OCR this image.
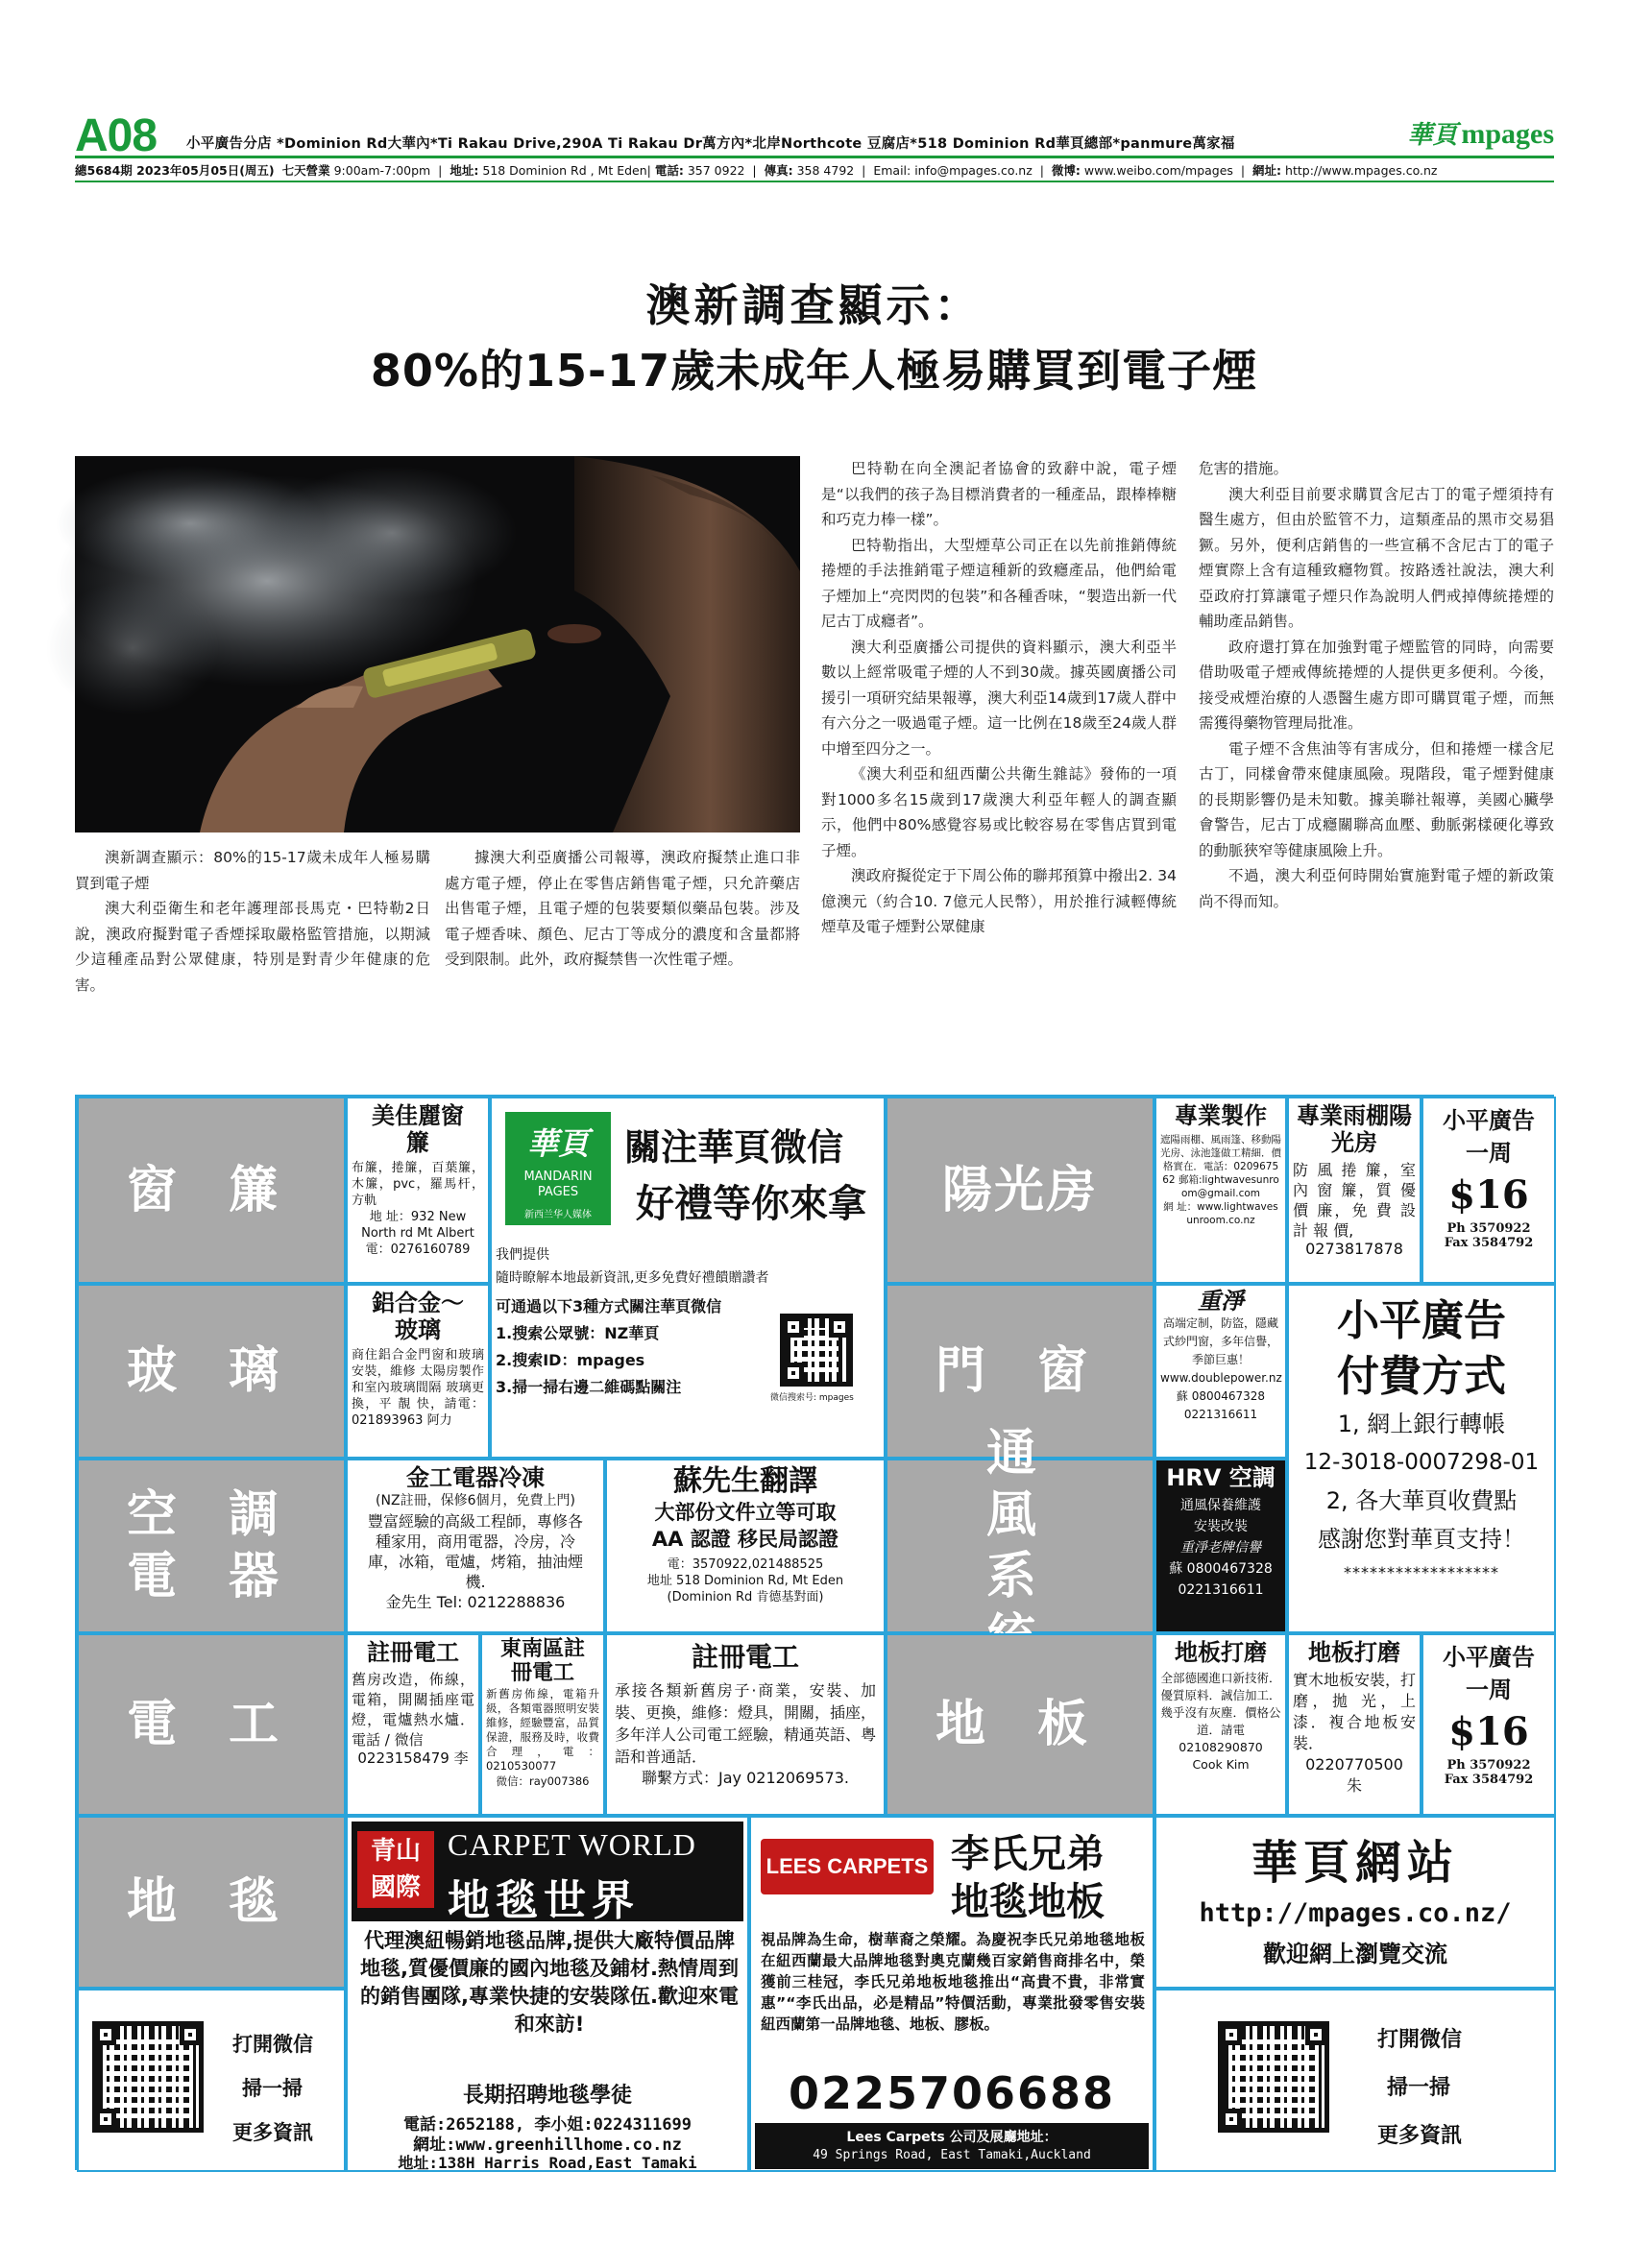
A08 小平廣告分店 *Dominion Rd大華內*Ti Rakau Drive,290A Ti Rakau Dr萬方內*北岸Northcote 豆腐店*518 Dominion Rd華頁總部*panmure萬家福	華頁 mpages
總5684期 2023年05月05日(周五) 七天營業 9:00am-7:00pm  |  地址: 518 Dominion Rd , Mt Eden| 電話: 357 0922  |  傳真: 358 4792  |  Email: info@mpages.co.nz  |  微博: www.weibo.com/mpages  |  網址: http://www.mpages.co.nz
澳新調查顯示：
80%的15-17歲未成年人極易購買到電子煙

澳新調查顯示：80%的15-17歲未成年人極易購買到電子煙

澳大利亞衛生和老年護理部長馬克・巴特勒2日說，澳政府擬對電子香煙採取嚴格監管措施，以期減少這種產品對公眾健康，特別是對青少年健康的危害。

據澳大利亞廣播公司報導，澳政府擬禁止進口非處方電子煙，停止在零售店銷售電子煙，只允許藥店出售電子煙，且電子煙的包裝要類似藥品包裝。涉及電子煙香味、顏色、尼古丁等成分的濃度和含量都將受到限制。此外，政府擬禁售一次性電子煙。

巴特勒在向全澳記者協會的致辭中說，電子煙是“以我們的孩子為目標消費者的一種產品，跟棒棒糖和巧克力棒一樣”。

巴特勒指出，大型煙草公司正在以先前推銷傳統捲煙的手法推銷電子煙這種新的致癮產品，他們給電子煙加上“亮閃閃的包裝”和各種香味，“製造出新一代尼古丁成癮者”。

澳大利亞廣播公司提供的資料顯示，澳大利亞半數以上經常吸電子煙的人不到30歲。據英國廣播公司援引一項研究結果報導，澳大利亞14歲到17歲人群中有六分之一吸過電子煙。這一比例在18歲至24歲人群中增至四分之一。

《澳大利亞和紐西蘭公共衛生雜誌》發佈的一項對1000多名15歲到17歲澳大利亞年輕人的調查顯示，他們中80%感覺容易或比較容易在零售店買到電子煙。

澳政府擬從定于下周公佈的聯邦預算中撥出2. 34億澳元（約合10. 7億元人民幣），用於推行減輕傳統煙草及電子煙對公眾健康

危害的措施。

澳大利亞目前要求購買含尼古丁的電子煙須持有醫生處方，但由於監管不力，這類產品的黑市交易猖獗。另外，便利店銷售的一些宣稱不含尼古丁的電子煙實際上含有這種致癮物質。按路透社說法，澳大利亞政府打算讓電子煙只作為說明人們戒掉傳統捲煙的輔助產品銷售。

政府還打算在加強對電子煙監管的同時，向需要借助吸電子煙戒傳統捲煙的人提供更多便利。今後，接受戒煙治療的人憑醫生處方即可購買電子煙，而無需獲得藥物管理局批准。

電子煙不含焦油等有害成分，但和捲煙一樣含尼古丁，同樣會帶來健康風險。現階段，電子煙對健康的長期影響仍是未知數。據美聯社報導，美國心臟學會警告，尼古丁成癮關聯高血壓、動脈粥樣硬化導致的動脈狹窄等健康風險上升。

不過，澳大利亞何時開始實施對電子煙的新政策尚不得而知。

窗 簾
玻 璃
空 調 電 器
電 工
地 毯
陽光房
門 窗
風 系
地 板
美佳麗窗簾
布簾，捲簾，百葉簾，木簾，pvc，羅馬杆，方軌
地 址：932 New North rd Mt Albert
電：0276160789
華頁
MANDARIN PAGES
新西兰华人媒体
關注華頁微信
好禮等你來拿
我們提供
隨時瞭解本地最新資訊,更多免費好禮饋贈讚者
可通過以下3種方式關注華頁微信
1.搜索公眾號：NZ華頁
2.搜索ID：mpages
3.掃一掃右邊二維碼點關注
微信搜索号: mpages
鋁合金～玻璃
商住鋁合金門窗和玻璃安裝，維修 太陽房製作和室內玻璃間隔 玻璃更換，平 靚 快，請電：021893963 阿力
金工電器冷凍
(NZ註冊，保修6個月，免費上門)
豐富經驗的高級工程師，專修各種家用，商用電器，冷房，冷庫，冰箱，電爐，烤箱，抽油煙機.
金先生 Tel: 0212288836
蘇先生翻譯
大部份文件立等可取
AA 認證 移民局認證
電：3570922,021488525
地址 518 Dominion Rd, Mt Eden
(Dominion Rd 肯德基對面)
註冊電工
舊房改造，佈線，電箱，開關插座電燈，電爐熱水爐．電話 / 微信
0223158479 李
東南區註冊電工
新舊房佈線，電箱升級，各類電器照明安裝維修，經驗豐富，品質保證，服務及時，收費合理，電：0210530077
微信：ray007386
註冊電工
承接各類新舊房子·商業，安裝、加裝、更換，維修：燈具，開關，插座，多年洋人公司電工經驗，精通英語、粵語和普通話．
聯繫方式：Jay 0212069573.
青山國際
CARPET WORLD
地毯世界
代理澳紐暢銷地毯品牌,提供大廠特價品牌地毯,質優價廉的國內地毯及鋪材.熱情周到的銷售團隊,專業快捷的安裝隊伍.歡迎來電和來訪!
長期招聘地毯學徒
電話:2652188, 李小姐:0224311699
網址:www.greenhillhome.co.nz
地址:138H Harris Road,East Tamaki
打開微信
掃一掃
更多資訊
LEES CARPETS 李氏兄弟
地毯地板
視品牌為生命，樹華裔之榮耀。為慶祝李氏兄弟地毯地板在紐西蘭最大品牌地毯對奧克蘭幾百家銷售商排名中，榮獲前三桂冠，李氏兄弟地板地毯推出“高貴不貴，非常實惠”“李氏出品，必是精品”特價活動，專業批發零售安裝紐西蘭第一品牌地毯、地板、膠板。
0225706688
Lees Carpets 公司及展廳地址：
49 Springs Road, East Tamaki,Auckland
專業製作
遮陽雨棚、風雨篷、移動陽光房、泳池篷做工精細．價格實在．電話：020967562 郵箱:lightwavesunroom@gmail.com
網 址：www.lightwavesunroom.co.nz
專業雨棚陽光房
防 風 捲 簾，室 內 窗 簾，質 優 價 廉，免 費 設 計 報 價,
0273817878
小平廣告一周
$16
Ph 3570922
Fax 3584792
重淨
高端定制，防盜，隱藏式紗門窗，多年信譽，季節巨惠！
www.doublepower.nz
蘇 0800467328
0221316611
小平廣告
付費方式
1, 網上銀行轉帳
12-3018-0007298-01
2, 各大華頁收費點
感謝您對華頁支持！
******************
HRV 空調
通風保養維護安裝改裝
重淨老牌信譽
蘇 0800467328
0221316611
地板打磨
全部德國進口新技術．優質原料．誠信加工．幾乎沒有灰塵．價格公道．請電
02108290870
Cook Kim
地板打磨
實木地板安裝，打 磨，拋 光，上漆．複合地板安裝．
0220770500
朱
小平廣告一周
$16
Ph 3570922
Fax 3584792
華頁網站
http://mpages.co.nz/
歡迎網上瀏覽交流
打開微信
掃一掃
更多資訊
